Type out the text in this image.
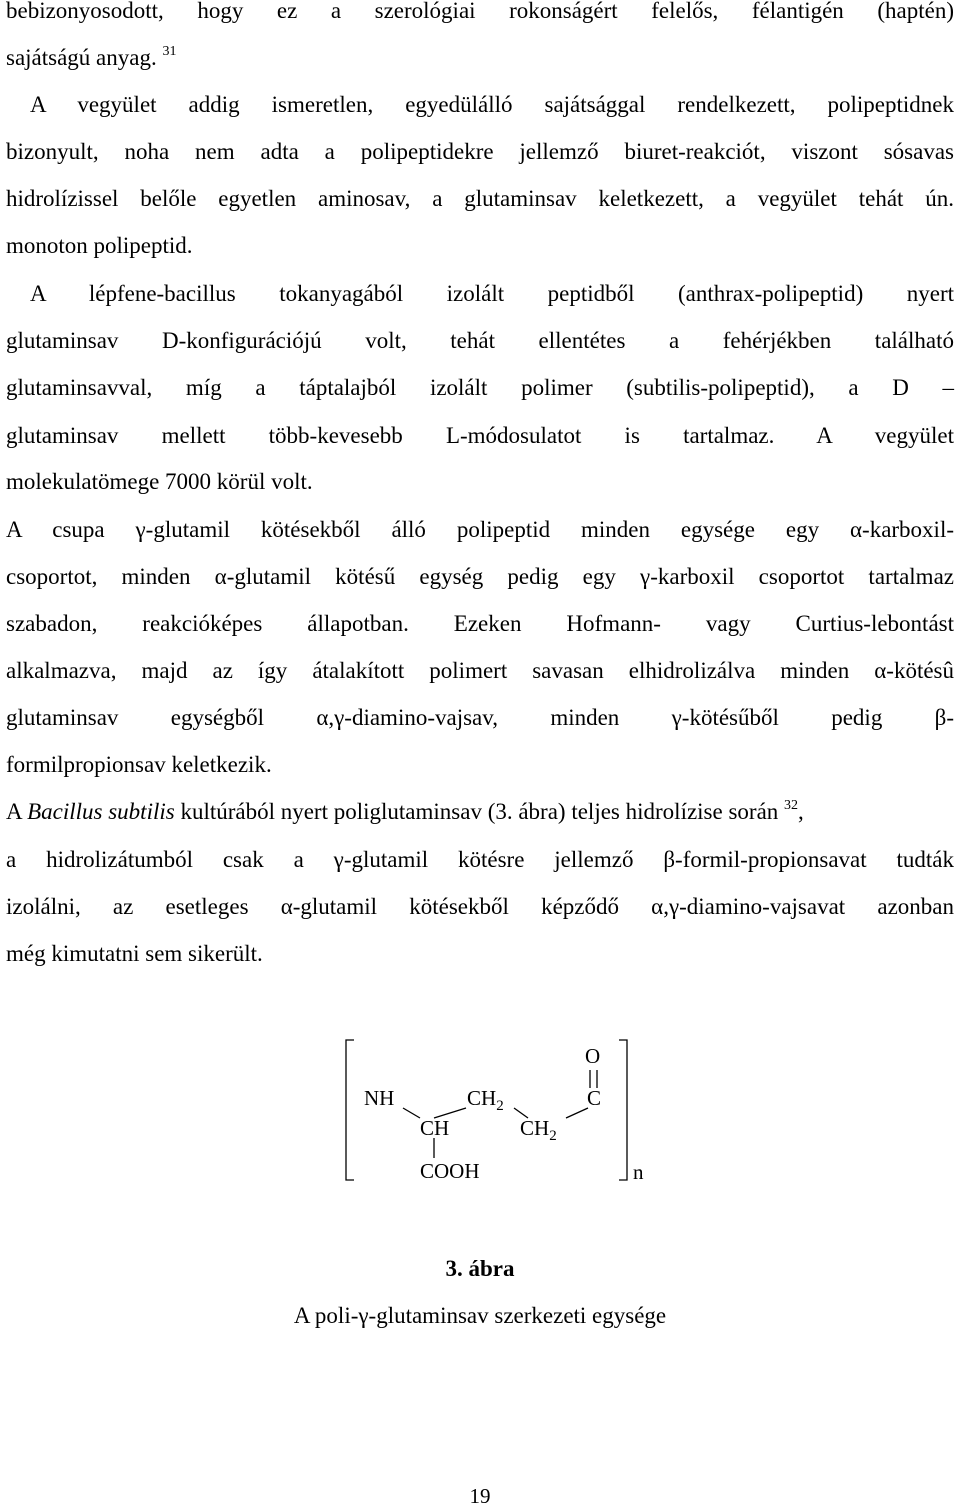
bebizonyosodott, hogy ez a szerológiai rokonságért felelős, félantigén (haptén)
sajátságú anyag. $^{31}$
A vegyület addig ismeretlen, egyedülálló sajátsággal rendelkezett, polipeptidnek
bizonyult, noha nem adta a polipeptidekre jellemző biuret-reakciót, viszont sósavas
hidrolízissel belőle egyetlen aminosav, a glutaminsav keletkezett, a vegyület tehát ún.
monoton polipeptid.
A lépfene-bacillus tokanyagából izolált peptidből (anthrax-polipeptid) nyert
glutaminsav D-konfigurációjú volt, tehát ellentétes a fehérjékben található
glutaminsavval, míg a táptalajból izolált polimer (subtilis-polipeptid), a D –
glutaminsav mellett több-kevesebb L-módosulatot is tartalmaz. A vegyület
molekulatömege 7000 körül volt.
A csupa γ-glutamil kötésekből álló polipeptid minden egysége egy α-karboxil-
csoportot, minden α-glutamil kötésű egység pedig egy γ-karboxil csoportot tartalmaz
szabadon, reakcióképes állapotban. Ezeken Hofmann- vagy Curtius-lebontást
alkalmazva, majd az így átalakított polimert savasan elhidrolizálva minden α-kötésû
glutaminsav egységből α,γ-diamino-vajsav, minden γ-kötésűből pedig β-
formilpropionsav keletkezik.
A Bacillus subtilis kultúrából nyert poliglutaminsav (3. ábra) teljes hidrolízise során $^{32}$,
a hidrolizátumból csak a γ-glutamil kötésre jellemző β-formil-propionsavat tudták
izolálni, az esetleges α-glutamil kötésekből képződő α,γ-diamino-vajsavat azonban
még kimutatni sem sikerült.
NH	$CH_2$	C
O
CH	$CH_2$
COOH	n
3. ábra
A poli-γ-glutaminsav szerkezeti egysége
19
